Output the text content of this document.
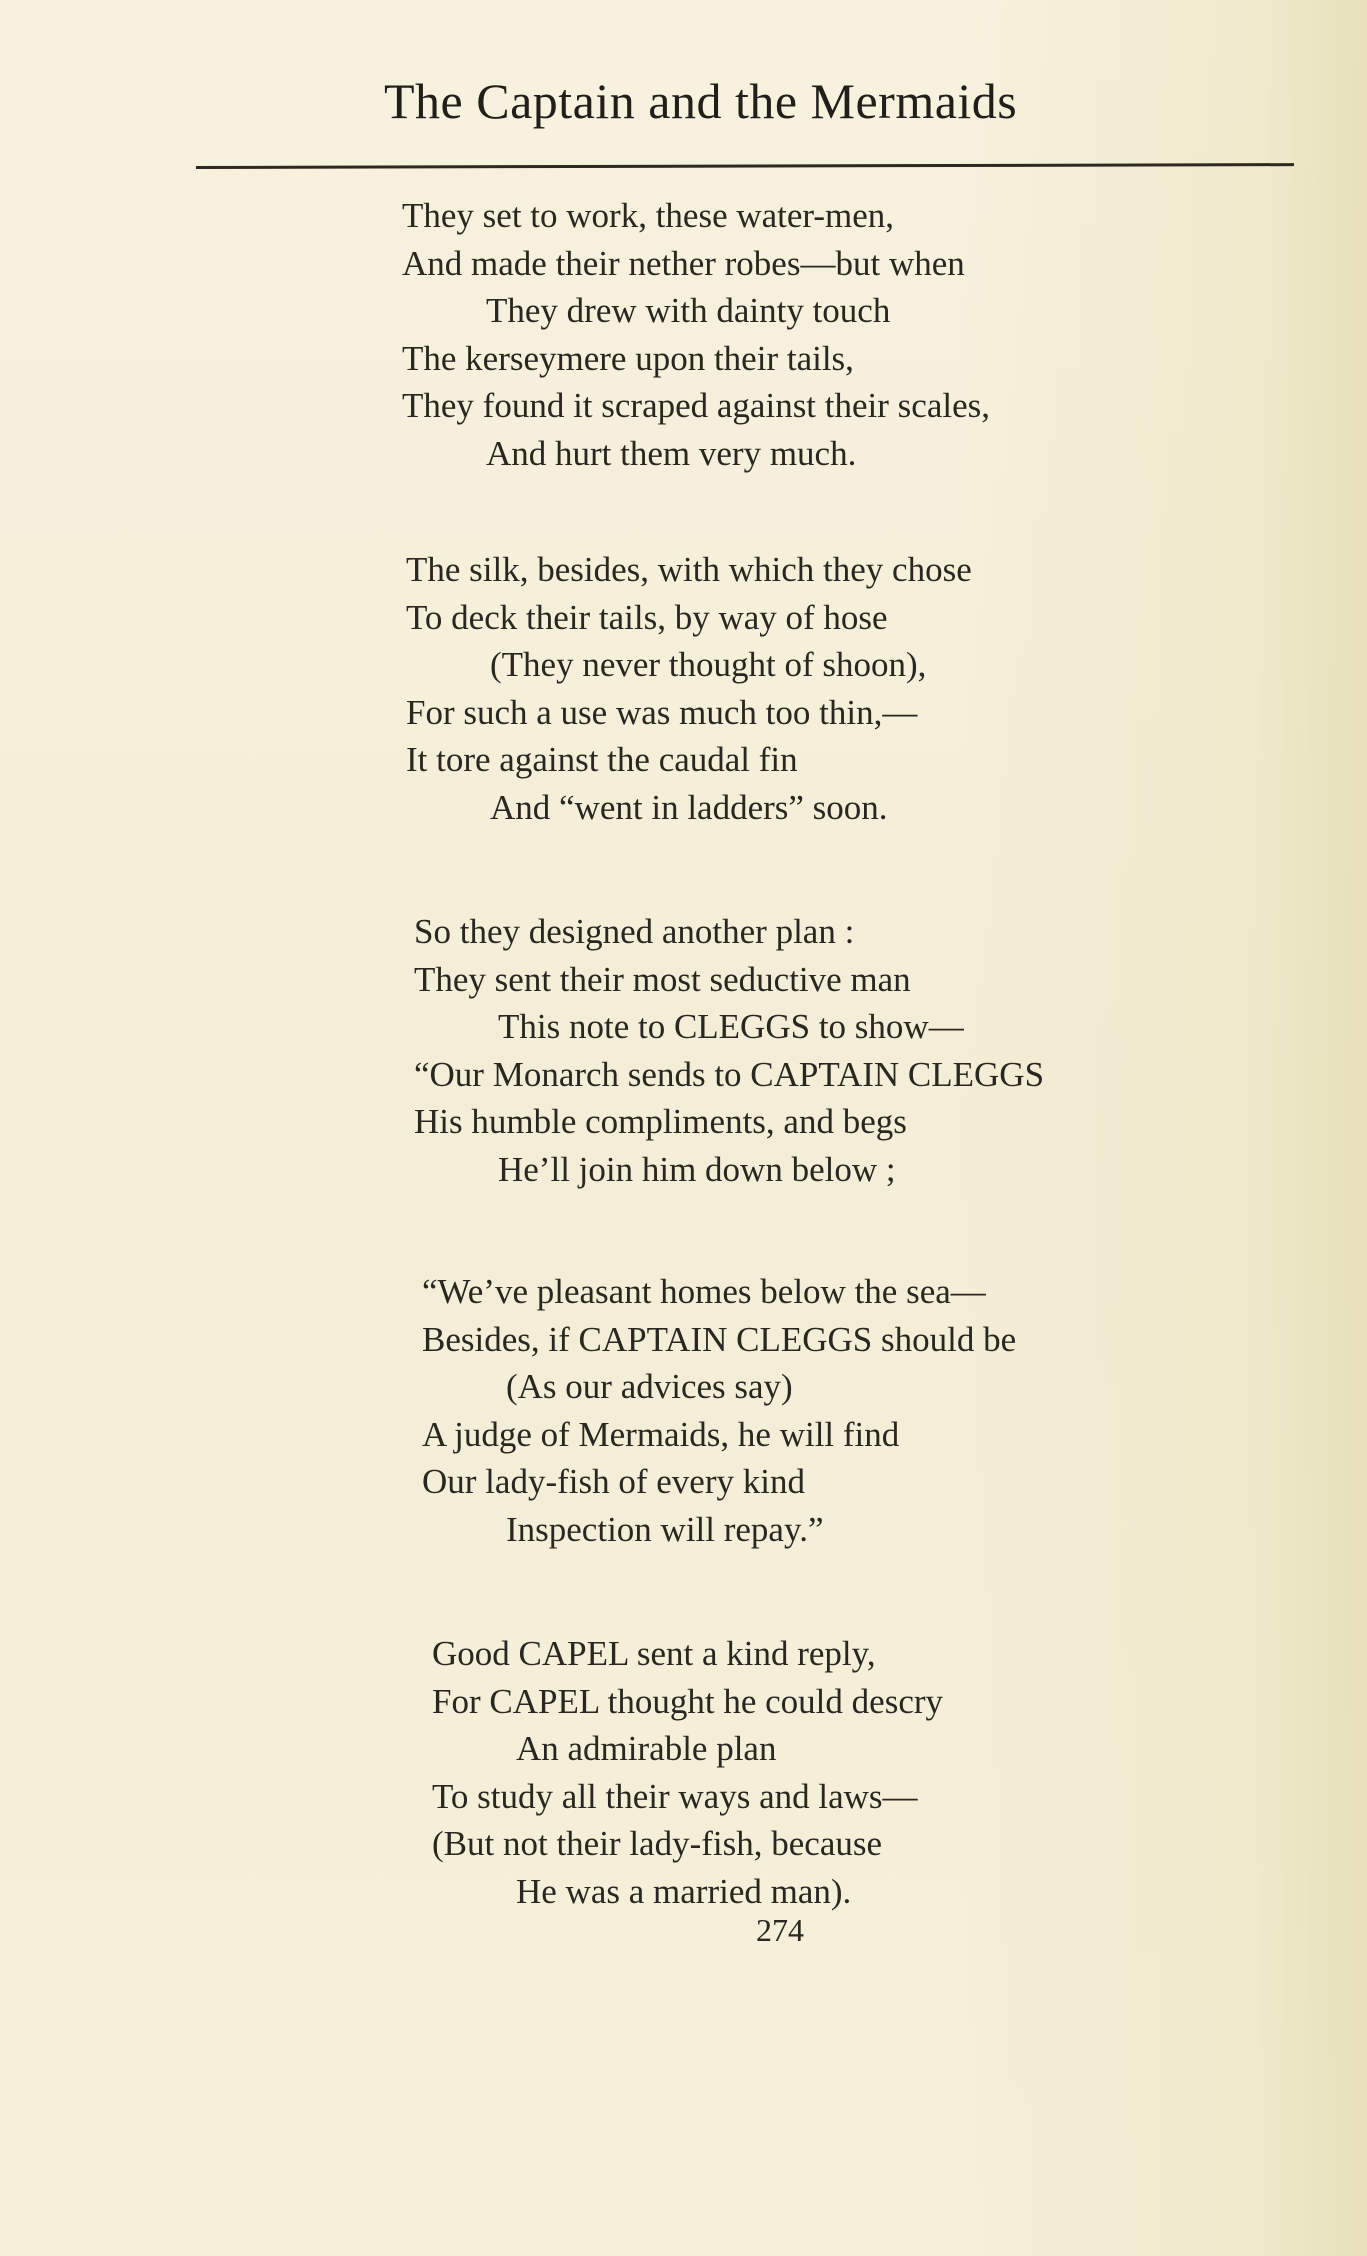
The Captain and the Mermaids
They set to work, these water-men,
And made their nether robes—but when
They drew with dainty touch
The kerseymere upon their tails,
They found it scraped against their scales,
And hurt them very much.
The silk, besides, with which they chose
To deck their tails, by way of hose
(They never thought of shoon),
For such a use was much too thin,—
It tore against the caudal fin
And “went in ladders” soon.
So they designed another plan :
They sent their most seductive man
This note to CLEGGS to show—
“Our Monarch sends to CAPTAIN CLEGGS
His humble compliments, and begs
He’ll join him down below ;
“We’ve pleasant homes below the sea—
Besides, if CAPTAIN CLEGGS should be
(As our advices say)
A judge of Mermaids, he will find
Our lady-fish of every kind
Inspection will repay.”
Good CAPEL sent a kind reply,
For CAPEL thought he could descry
An admirable plan
To study all their ways and laws—
(But not their lady-fish, because
He was a married man).
274
